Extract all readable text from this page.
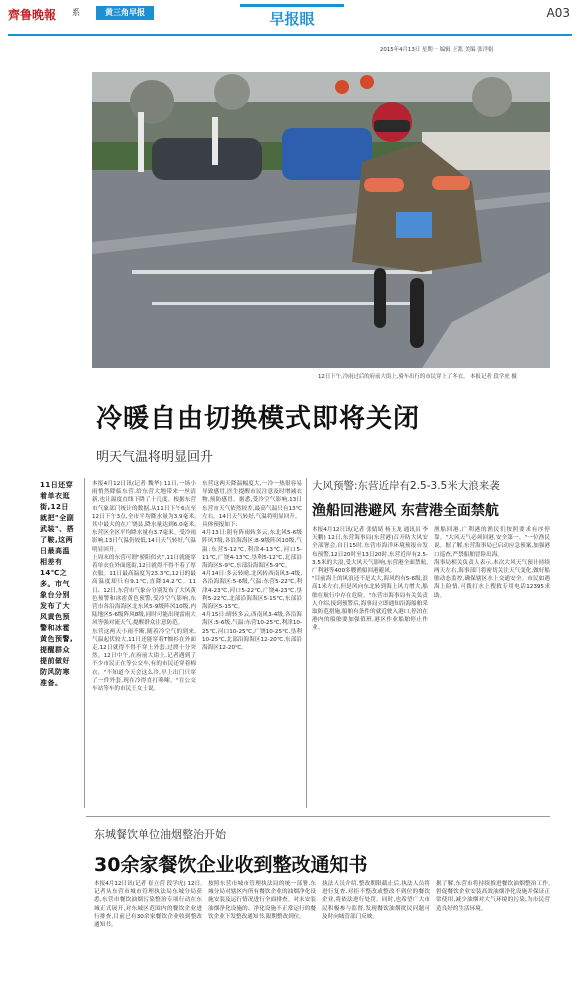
齊鲁晚報 系	黄三角早报	早报眼	A03
2015年4月13日 星期一 编辑 王凯 美编 张洋娟
12日下午,冷雨过后的府前大街上,骑车出行的市民穿上了冬衣。 本报记者 段学虎 摄
冷暖自由切换模式即将关闭
明天气温将明显回升
11日还穿着单衣逛街,12日就把"全副武装"、搭了鞍,这两日最高温相差有14℃之多。市气象台分别发布了大风黄色预警和冰雹黄色预警,提醒群众提前做好防风防寒准备。
本报4月12日讯(记者 魏华) 11日,一场小雨悄然降临东营,给东营大地带来一丝清新,也让温度直线下降了十几度。根据东营市气象部门统计的数据,从11日下午6点至12日下午3点,全市平均降水量为3.9毫米,其中最大的在广饶县,降水量达到6.0毫米,东营区全区平均降水量有3.7毫米。受冷雨影响,13日气温仍较低,14日天气转好,气温明显回升。
上周末的东营可谓"骄阳似火",11日就能穿着单衣在外面逛街,12日就得不得不着了厚衣服。11日最高温度为23.3℃,12日的最高温度却只有9.1℃,直降14.2℃。11日、12日,东营市气象台分别发布了大风黄色预警和冰雹黄色预警,受冷空气影响,东营市各沿海海区北东风5-9级阵风10级,内陆地区5-6级阵风8级,同时可能出现雷雨大风等强对流天气,提醒群众注意防范。
东营这两天小雨不断,随着冷空气的到来,气温起伏较大,11日还能穿着T恤衫在外面走,12日就得不得不穿上外套,过渡十分突然。12日中午,在府前大街上,记者遇到了不少市民正在等公交车,有的市民还穿着棉衣。"不知道今天会这么冷,早上出门只穿了一件外套,现在冷得直打哆嗦。"在公交车站等车的市民王女士说。
东营这两天降温幅度大,一冷一热很容易导致感冒,医生提醒市民注意及时增减衣物,预防感冒。据悉,受冷空气影响,13日东营市天气依然较差,最高气温只有13℃左右。14日天气转好,气温将明显回升。
具体预报如下:
4月13日:阴有阵雨转多云,东北风5-6级阵风7级,各沿海海区:8-9级阵风10级,气温:东营5-12℃,利津4-13℃,河口5-11℃,广饶4-13℃,垦利5-12℃,北部沿海海区5-9℃,东部沿海海区5-9℃。
4月14日:多云转晴,北风转西南风3-4级,各沿海海区:5-6级,气温:东营5-22℃,利津4-23℃,河口5-22℃,广饶4-23℃,垦利5-22℃,北部沿海海区5-15℃,东部沿海海区5-15℃。
4月15日:晴转多云,西南风3-4级,各沿海海区:5-6级,气温:东营10-25℃,利津10-25℃,河口10-25℃,广饶10-25℃,垦利10-25℃,北部沿海海区12-20℃,东部沿海海区12-20℃。
大风预警:东营近岸有2.5-3.5米大浪来袭
渔船回港避风 东营港全面禁航
本报4月12日讯(记者 张婧婧 杨玉龙 通讯员 李天鹏) 12日,东营海事局(东营港)召开防大风安全部署会,自日15时,东营市海洋环境预报台发布预警,12日20时至13日20时,东营近岸有2.5-3.5米的大浪,受大风天气影响,东营港全面禁航,广利港等400多艘渔船回港避风。
"目前海上的风浪还不是太大,海风约有5-6级,浪高1米左右,但是风向东北转到海上风力增大,船舶在航行中存在危险。"东营市海事局有关负责人介绍,接到预警后,海事局立即通知沿海船舶采取防范措施,船舶有条件的就近驶入港口,停泊在港内的船舶要加强值班,港区作业船舶停止作业。
渔船回港,广利港的渔民们按照要求有序停靠。"大风天气必须回港,安全第一。"一位渔民说。据了解,东营海事局已启动应急预案,加强港口巡查,严禁船舶冒险出海。
海事局相关负责人表示,本次大风天气预计持续两天左右,海事部门将密切关注天气变化,做好船舶动态监控,确保辖区水上交通安全。市民如遇海上险情,可拨打水上搜救专用电话12395求助。
东城餐饮单位油烟整治开始
30余家餐饮企业收到整改通知书
本报4月12日讯(记者 崔立营 段学虎) 12日,记者从东营市城市管理执法局东城分局获悉,东营市餐饮油烟污染整治专项行动在东城正式展开,对东城区范围内的餐饮企业进行排查,目前已有30余家餐饮企业收到整改通知书。
按照东营市城市管理执法局的统一部署,东城分局对辖区内所有餐饮企业的油烟净化设施安装及运行情况进行全面排查。对未安装油烟净化设施的、净化设施不正常运行的餐饮企业下发整改通知书,限期整改到位。
执法人员介绍,整改期限截止后,执法人员将进行复查,对拒不整改或整改不到位的餐饮企业,将依法进行处罚。同时,也希望广大市民积极参与监督,发现餐饮油烟扰民问题可及时向城管部门反映。
据了解,东营市将持续推进餐饮油烟整治工作,督促餐饮企业安装高效油烟净化设施并保证正常使用,减少油烟对大气环境的污染,为市民营造良好的生活环境。
